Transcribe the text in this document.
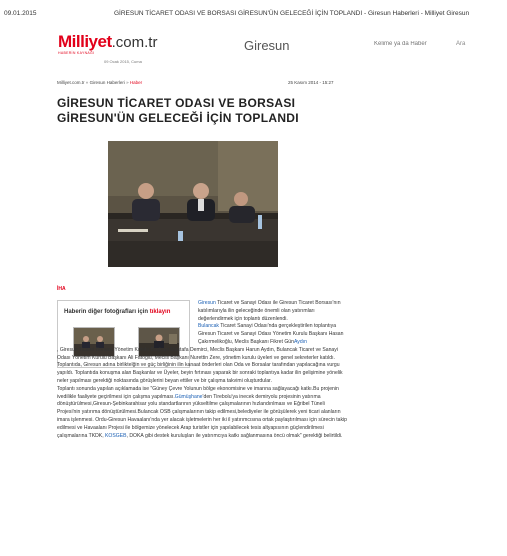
09.01.2015	GİRESUN TİCARET ODASI VE BORSASI GİRESUN'ÜN GELECEĞİ İÇİN TOPLANDI - Giresun Haberleri - Milliyet Giresun
Milliyet.com.tr
HABERİN KAYNAĞI
09 Ocak 2015, Cuma
Giresun
Kelime ya da Haber	Ara
Milliyet.com.tr » Giresun Haberleri » Haber	25 Kasım 2014 - 15:27
GİRESUN TİCARET ODASI VE BORSASI GİRESUN'ÜN GELECEĞİ İÇİN TOPLANDI
İHA
Haberin diğer fotoğrafları için tıklayın

Giresun Ticaret ve Sanayi Odası ile Giresun Ticaret Borsası'nın katılımlarıyla ilin geleceğinde önemli olan yatırımları değerlendirmek için toplantı düzenlendi.

Bulancak Ticaret Sanayi Odası'nda gerçekleştirilen toplantıya Giresun Ticaret ve Sanayi Odası Yönetim Kurulu Başkanı Hasan Çakırmelikoğlu, Meclis Başkanı Fikret GünAydın

, Giresun Ticaret Borsası Yönetim Kurulu Başkanı Mustafa Demirci, Meclis Başkanı Harun Aydın, Bulancak Ticaret ve Sanayi Odası Yönetim Kurulu Başkanı Ali Fatoğlu, Meclis Başkanı Nurettin Zere, yönetim kurulu üyeleri ve genel sekreterler katıldı.

Toplantıda, Giresun adına birliktelğin ve güç birliğinin ilin kanaat önderleri olan Oda ve Borsalar tarafından yapılacağına vurgu yapıldı. Toplantıda konuşma alan Başkanlar ve Üyeler, beyin fırtınası yaparak bir sonraki toplantıya kadar ilin gelişimine yönelik neler yapılması gerektiği noktasında görüşlerini beyan ettiler ve bir çalışma takvimi oluşturdular.

Toplantı sonunda yapılan açıklamada ise "Güney Çevre Yolunun bölge ekonomisine ve imarına sağlayacağı katkı.Bu projenin ivedilikle faaliyete geçirilmesi için çalışma yapılması.Gümüşhane'den Tirebolu'ya inecek demiryolu projesinin yatırıma dönüştürülmesi,Giresun-Şebinkarahisar yolu standartlarının yükseltilme çalışmalarının hızlandırılması ve Eğribel Tüneli Projesi'nin yatırıma dönüştürülmesi.Bulancak OSB çalışmalarının takip edilmesi,belediyeler ile görüşülerek yeni ticari alanların imara işlenmesi. Ordu-Giresun Havaalanı'nda yer alacak işletmelerin her iki il yatırımcısına ortak paylaştırılması için sürecin takip edilmesi ve Havaalanı Projesi ile bölgemize yönelecek Arap turistler için yapılabilecek tesis altyapısının güçlendirilmesi çalışmalarına TKDK, KOSGEB, DOKA gibi destek kuruluşları ile yatırımcıya katkı sağlanmasına öncü olmak" gerektiği belirtildi.
